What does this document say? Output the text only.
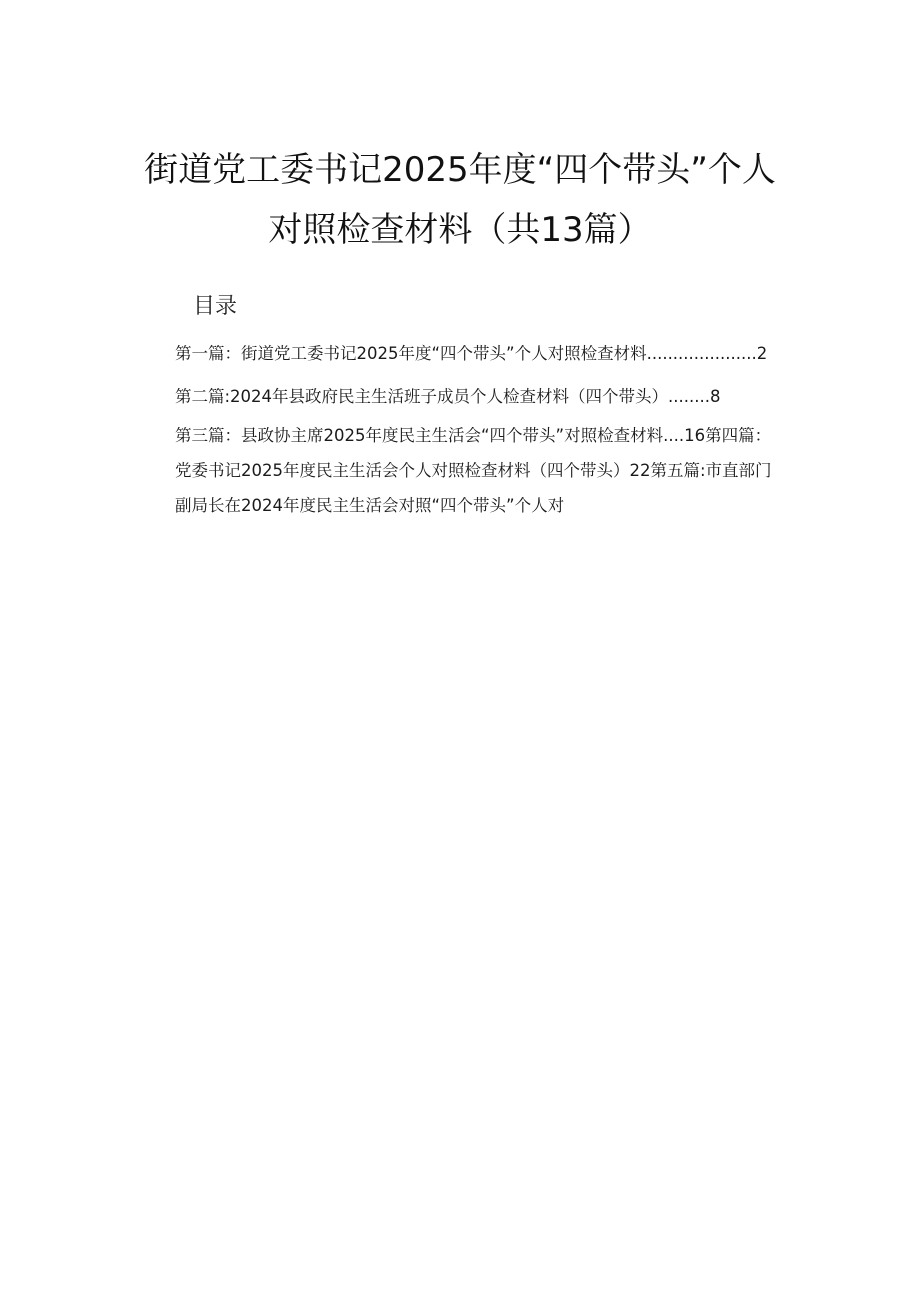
街道党工委书记2025年度“四个带头”个人
对照检查材料（共13篇）
目录
第一篇：街道党工委书记2025年度“四个带头”个人对照检查材料.....................2
第二篇:2024年县政府民主生活班子成员个人检查材料（四个带头）........8
第三篇：县政协主席2025年度民主生活会“四个带头”对照检查材料....16第四篇：
党委书记2025年度民主生活会个人对照检查材料（四个带头）22第五篇:市直部门
副局长在2024年度民主生活会对照“四个带头”个人对
